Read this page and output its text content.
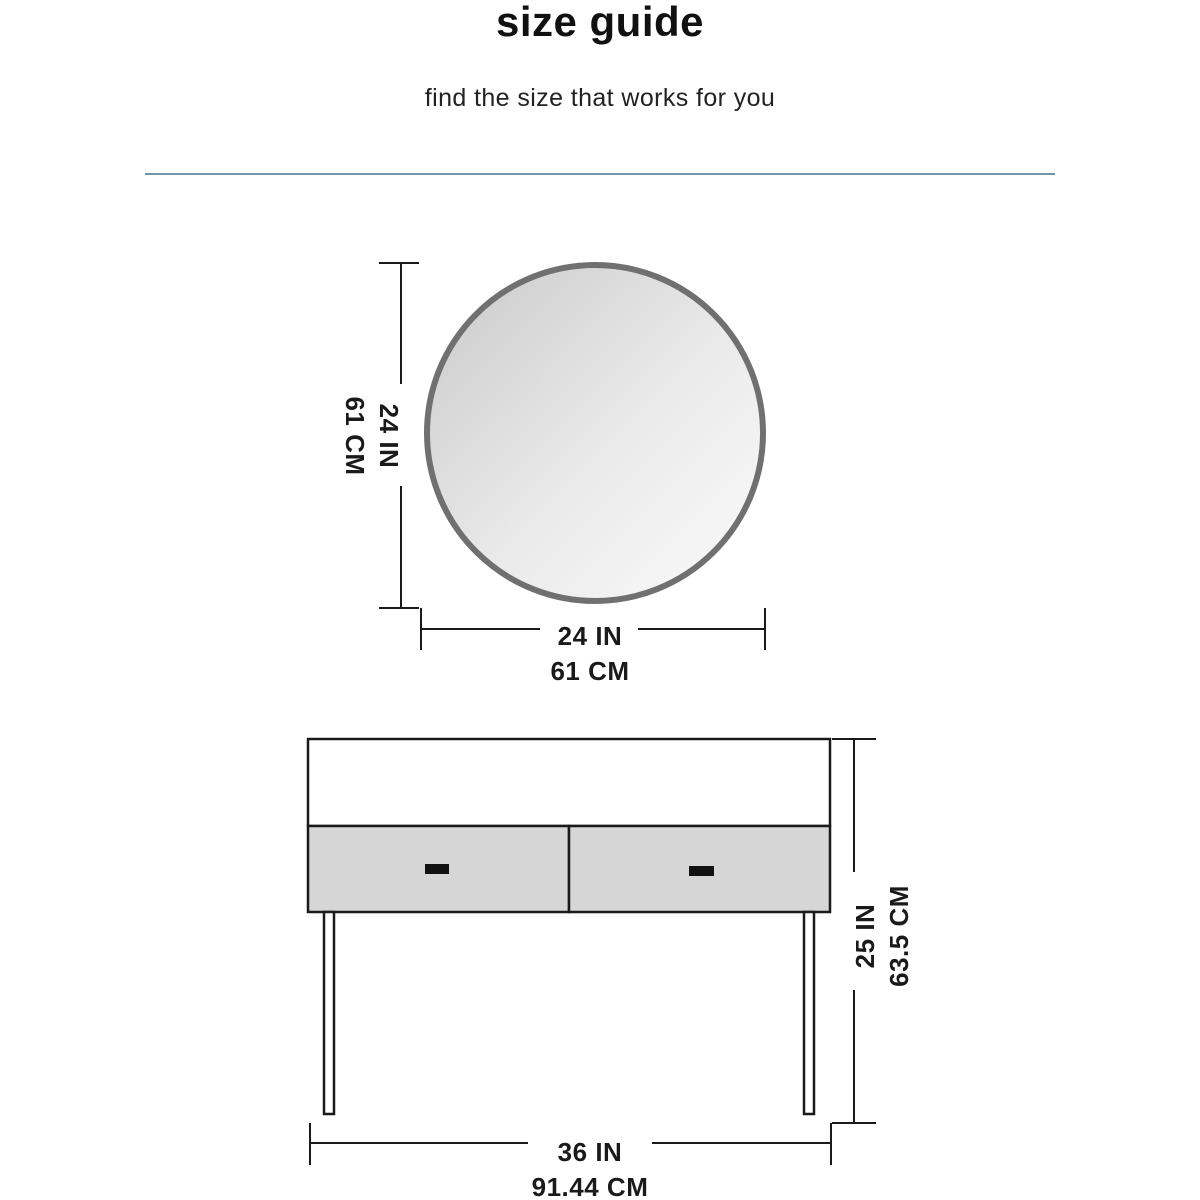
size guide
find the size that works for you
24 IN
61 CM
24 IN
61 CM
25 IN 63.5 CM
36 IN
91.44 CM
